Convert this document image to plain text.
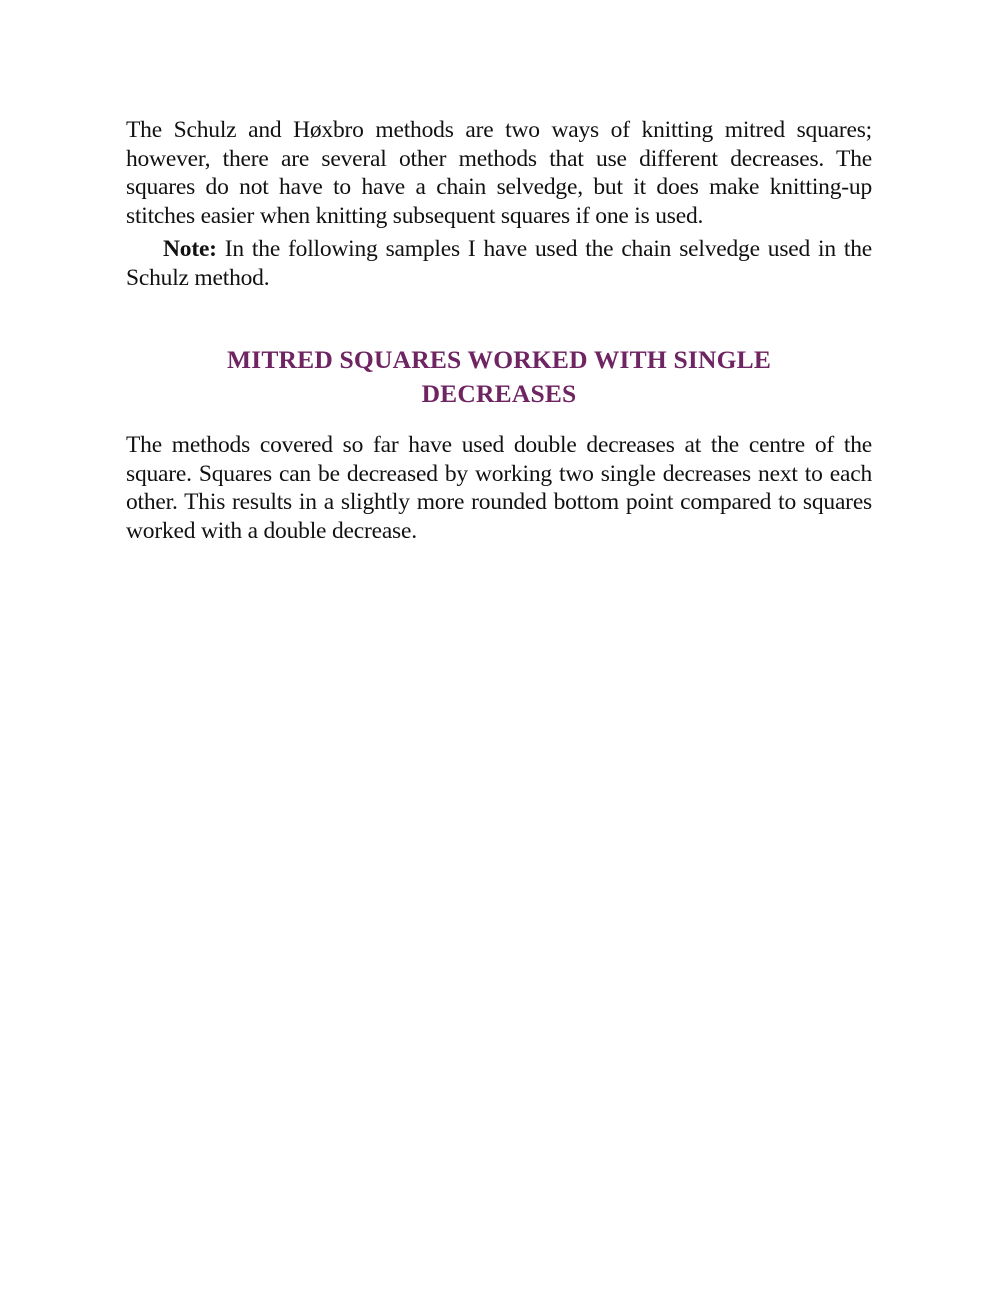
The Schulz and Høxbro methods are two ways of knitting mitred squares; however, there are several other methods that use different decreases. The squares do not have to have a chain selvedge, but it does make knitting-up stitches easier when knitting subsequent squares if one is used.

Note: In the following samples I have used the chain selvedge used in the Schulz method.

MITRED SQUARES WORKED WITH SINGLE DECREASES

The methods covered so far have used double decreases at the centre of the square. Squares can be decreased by working two single decreases next to each other. This results in a slightly more rounded bottom point compared to squares worked with a double decrease.
